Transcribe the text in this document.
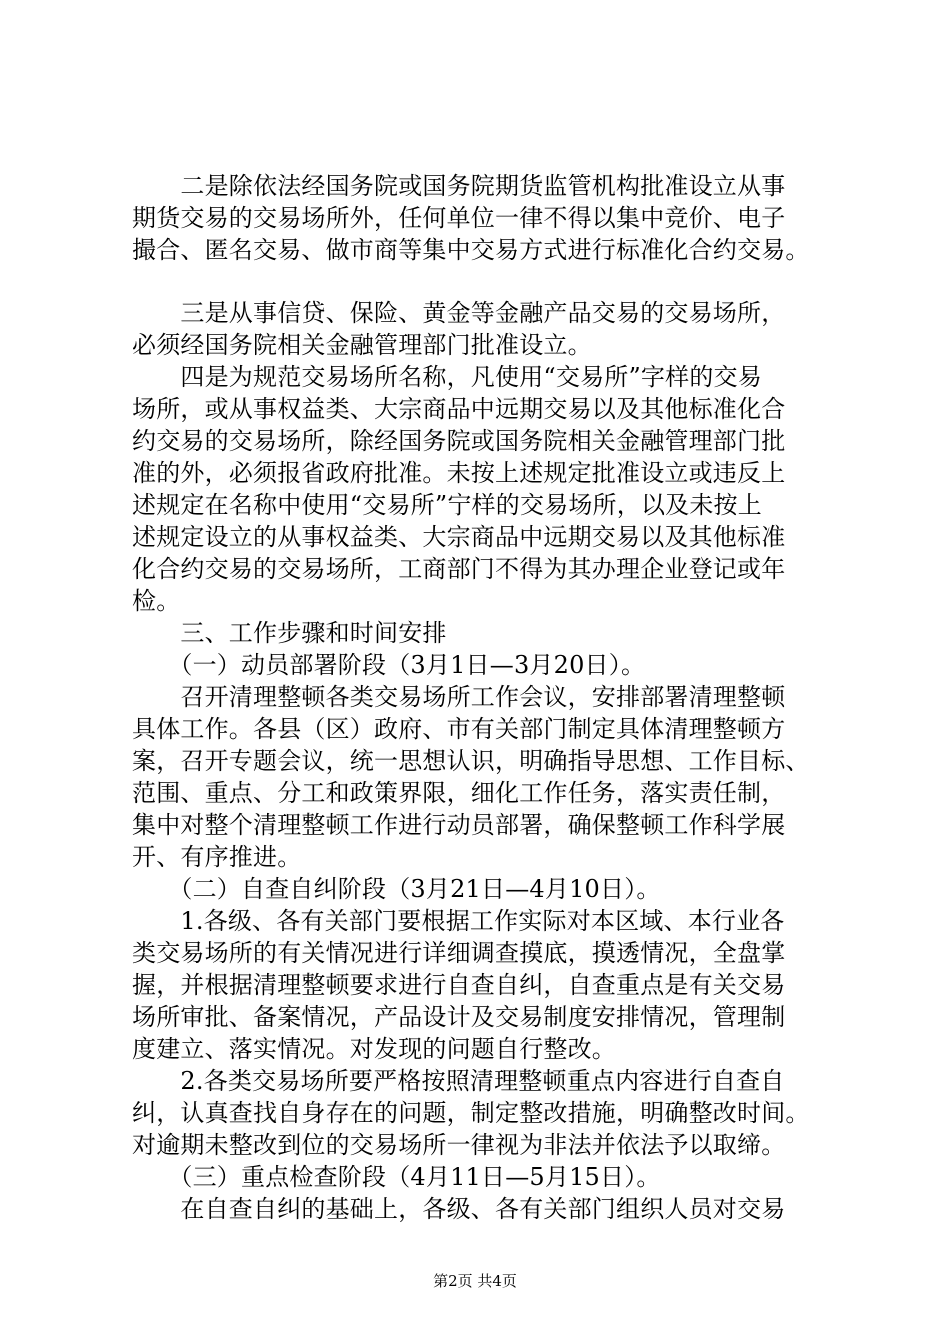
　　二是除依法经国务院或国务院期货监管机构批准设立从事
期货交易的交易场所外，任何单位一律不得以集中竞价、电子
撮合、匿名交易、做市商等集中交易方式进行标准化合约交易。
　　三是从事信贷、保险、黄金等金融产品交易的交易场所，
必须经国务院相关金融管理部门批准设立。
　　四是为规范交易场所名称，凡使用“交易所”字样的交易
场所，或从事权益类、大宗商品中远期交易以及其他标准化合
约交易的交易场所，除经国务院或国务院相关金融管理部门批
准的外，必须报省政府批准。未按上述规定批准设立或违反上
述规定在名称中使用“交易所”宁样的交易场所，以及未按上
述规定设立的从事权益类、大宗商品中远期交易以及其他标准
化合约交易的交易场所，工商部门不得为其办理企业登记或年
检。
　　三、工作步骤和时间安排
　　（一）动员部署阶段（3月1日—3月20日）。
　　召开清理整顿各类交易场所工作会议，安排部署清理整顿
具体工作。各县（区）政府、市有关部门制定具体清理整顿方
案，召开专题会议，统一思想认识，明确指导思想、工作目标、
范围、重点、分工和政策界限，细化工作任务，落实责任制，
集中对整个清理整顿工作进行动员部署，确保整顿工作科学展
开、有序推进。
　　（二）自查自纠阶段（3月21日—4月10日）。
　　1.各级、各有关部门要根据工作实际对本区域、本行业各
类交易场所的有关情况进行详细调查摸底，摸透情况，全盘掌
握，并根据清理整顿要求进行自查自纠，自查重点是有关交易
场所审批、备案情况，产品设计及交易制度安排情况，管理制
度建立、落实情况。对发现的问题自行整改。
　　2.各类交易场所要严格按照清理整顿重点内容进行自查自
纠，认真查找自身存在的问题，制定整改措施，明确整改时间。
对逾期未整改到位的交易场所一律视为非法并依法予以取缔。
　　（三）重点检查阶段（4月11日—5月15日）。
　　在自查自纠的基础上，各级、各有关部门组织人员对交易
第2页 共4页
